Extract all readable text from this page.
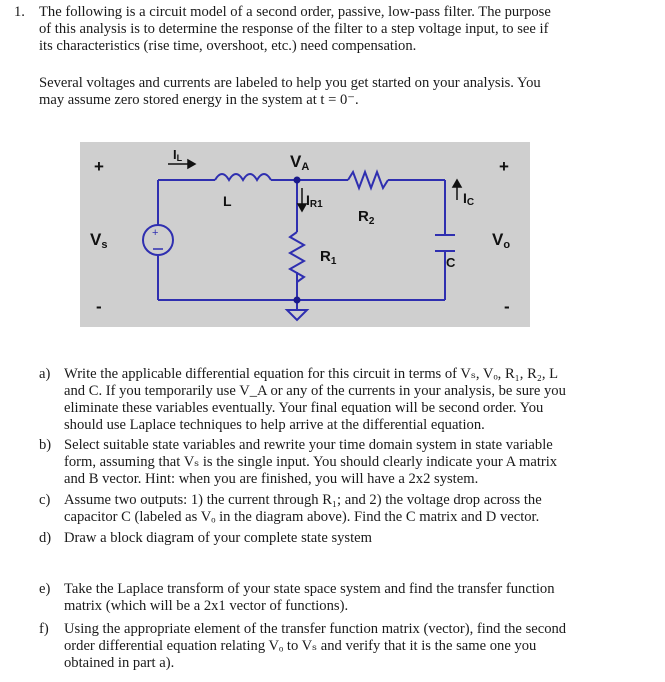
1. The following is a circuit model of a second order, passive, low-pass filter. The purpose
of this analysis is to determine the response of the filter to a step voltage input, to see if
its characteristics (rise time, overshoot, etc.) need compensation.
Several voltages and currents are labeled to help you get started on your analysis. You
may assume zero stored energy in the system at t = 0⁻.
+
+	+
-	-
Vs	Vo
IL
L
VA
IR1
$R_2$
$R_1$
IC
C
a) Write the applicable differential equation for this circuit in terms of Vₛ, Vₒ, R₁, R₂, L
and C. If you temporarily use V_A or any of the currents in your analysis, be sure you
eliminate these variables eventually. Your final equation will be second order. You
should use Laplace techniques to help arrive at the differential equation.
b) Select suitable state variables and rewrite your time domain system in state variable
form, assuming that Vₛ is the single input. You should clearly indicate your A matrix
and B vector. Hint: when you are finished, you will have a 2x2 system.
c) Assume two outputs: 1) the current through R₁; and 2) the voltage drop across the
capacitor C (labeled as Vₒ in the diagram above). Find the C matrix and D vector.
d) Draw a block diagram of your complete state system
e) Take the Laplace transform of your state space system and find the transfer function
matrix (which will be a 2x1 vector of functions).
f) Using the appropriate element of the transfer function matrix (vector), find the second
order differential equation relating Vₒ to Vₛ and verify that it is the same one you
obtained in part a).
